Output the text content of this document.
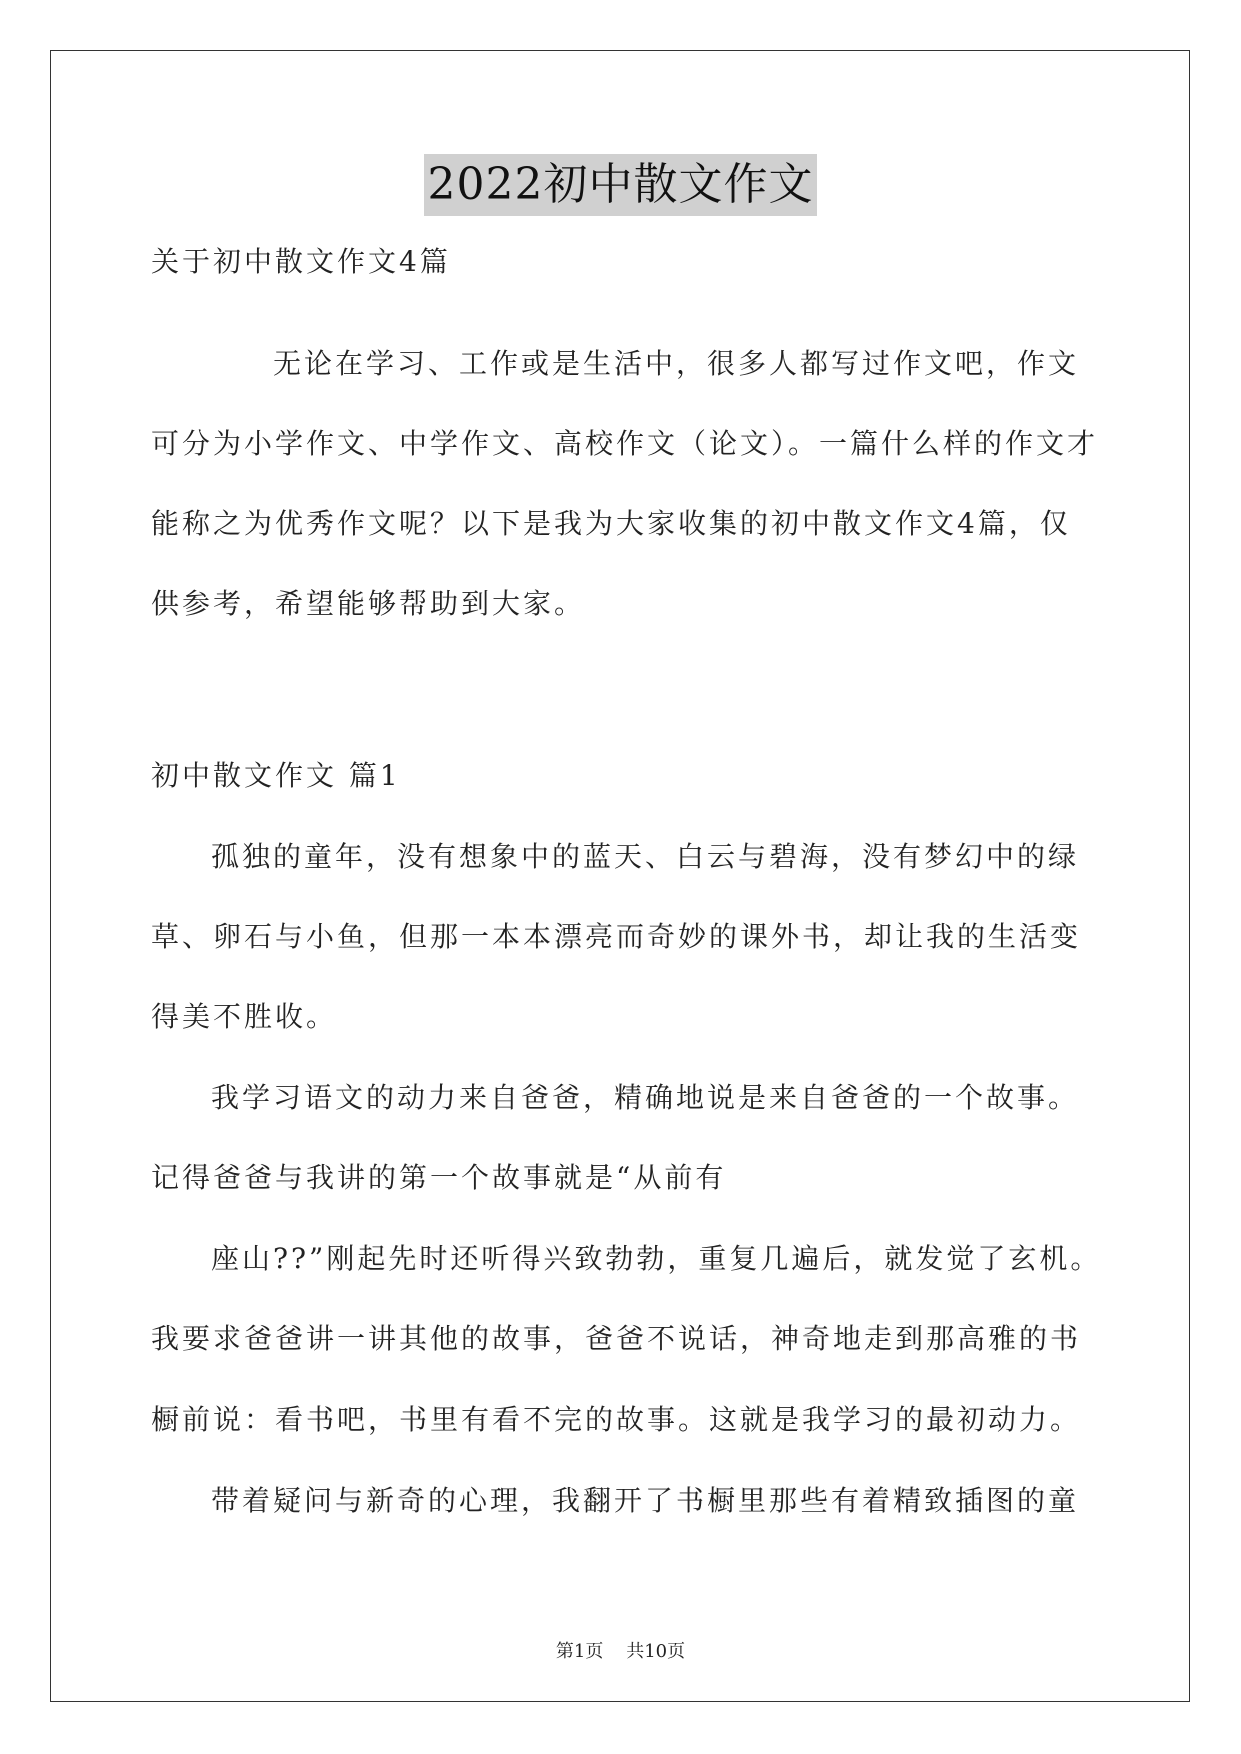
2022初中散文作文
关于初中散文作文4篇
无论在学习、工作或是生活中，很多人都写过作文吧，作文
可分为小学作文、中学作文、高校作文（论文）。一篇什么样的作文才
能称之为优秀作文呢？以下是我为大家收集的初中散文作文4篇，仅
供参考，希望能够帮助到大家。
初中散文作文 篇1
孤独的童年，没有想象中的蓝天、白云与碧海，没有梦幻中的绿
草、卵石与小鱼，但那一本本漂亮而奇妙的课外书，却让我的生活变
得美不胜收。
我学习语文的动力来自爸爸，精确地说是来自爸爸的一个故事。
记得爸爸与我讲的第一个故事就是“从前有
座山??”刚起先时还听得兴致勃勃，重复几遍后，就发觉了玄机。
我要求爸爸讲一讲其他的故事，爸爸不说话，神奇地走到那高雅的书
橱前说：看书吧，书里有看不完的故事。这就是我学习的最初动力。
带着疑问与新奇的心理，我翻开了书橱里那些有着精致插图的童
第1页    共10页
